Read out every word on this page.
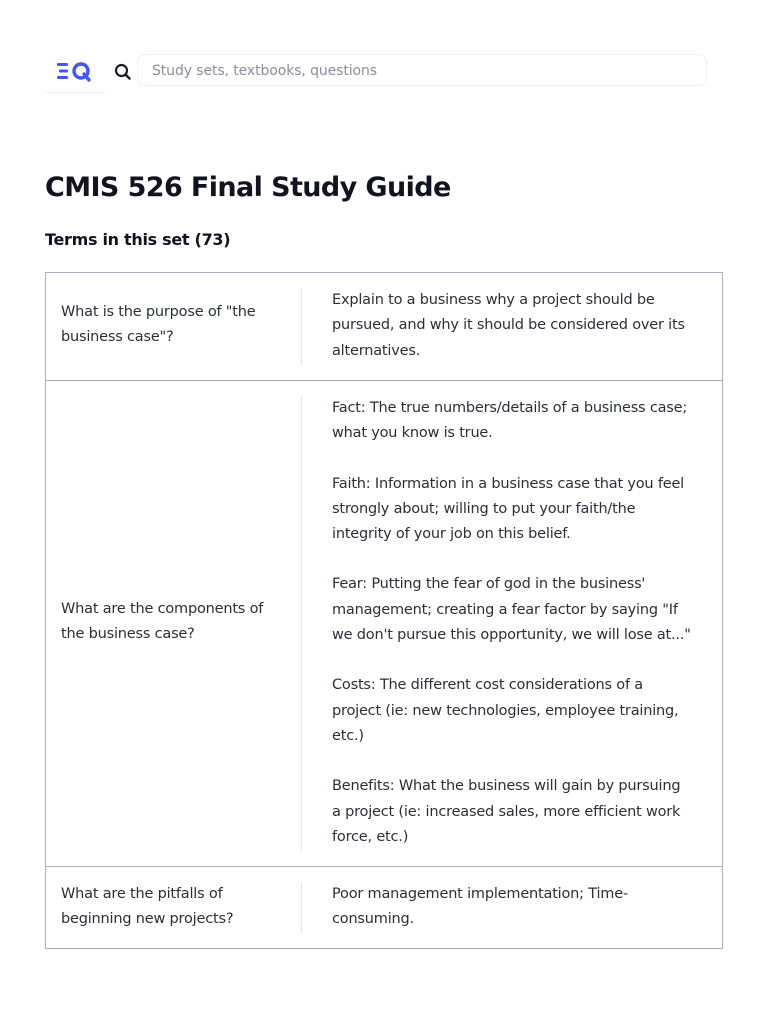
Study sets, textbooks, questions
CMIS 526 Final Study Guide
Terms in this set (73)
What is the purpose of "the business case"?

Explain to a business why a project should be pursued, and why it should be considered over its alternatives.

What are the components of the business case?

Fact: The true numbers/details of a business case; what you know is true.

Faith: Information in a business case that you feel strongly about; willing to put your faith/the integrity of your job on this belief.

Fear: Putting the fear of god in the business' management; creating a fear factor by saying "If we don't pursue this opportunity, we will lose at..."

Costs: The different cost considerations of a project (ie: new technologies, employee training, etc.)

Benefits: What the business will gain by pursuing a project (ie: increased sales, more efficient work force, etc.)

What are the pitfalls of beginning new projects?

Poor management implementation; Time-consuming.
